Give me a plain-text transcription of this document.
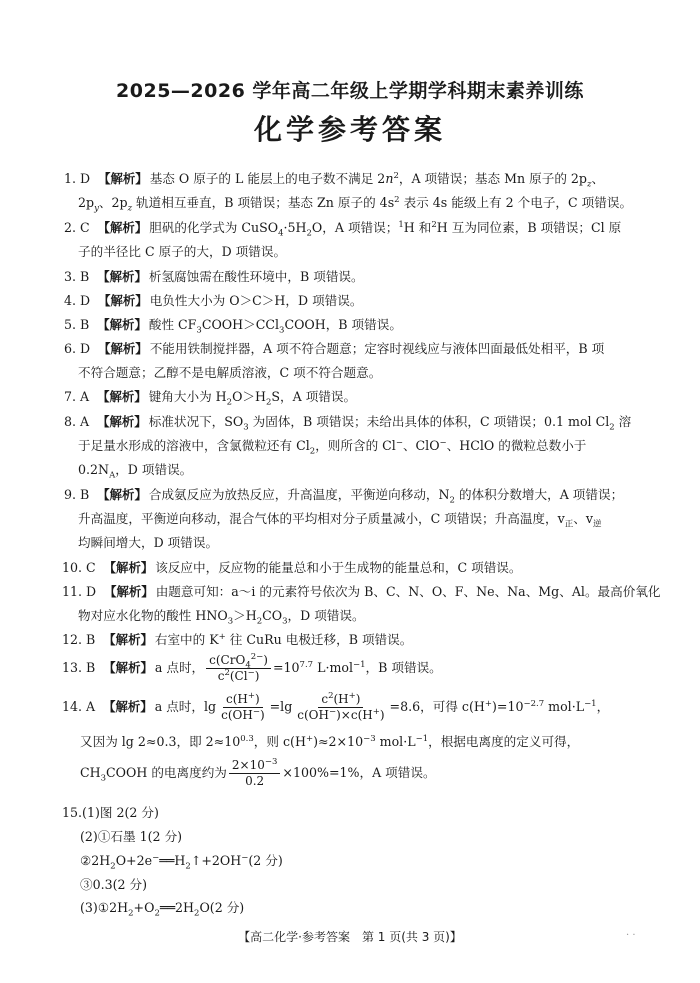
2025—2026 学年高二年级上学期学科期末素养训练
化学参考答案
1. D 【解析】 基态 O 原子的 L 能层上的电子数不满足 $2n^2$，A 项错误；基态 Mn 原子的 $2p_z$、
$2p_y$、$2p_z$ 轨道相互垂直，B 项错误；基态 Zn 原子的 $4s^2$ 表示 4s 能级上有 2 个电子，C 项错误。
2. C 【解析】 胆矾的化学式为 $CuSO_4\cdot 5H_2O$，A 项错误；$^1$H 和$^2$H 互为同位素，B 项错误；Cl 原
子的半径比 C 原子的大，D 项错误。
3. B 【解析】 析氢腐蚀需在酸性环境中，B 项错误。
4. D 【解析】 电负性大小为 O＞C＞H，D 项错误。
5. B 【解析】 酸性 $CF_3COOH>CCl_3COOH$，B 项错误。
6. D 【解析】 不能用铁制搅拌器，A 项不符合题意；定容时视线应与液体凹面最低处相平，B 项
不符合题意；乙醇不是电解质溶液，C 项不符合题意。
7. A 【解析】 键角大小为 $H_2O>H_2S$，A 项错误。
8. A 【解析】 标准状况下，$SO_3$ 为固体，B 项错误；未给出具体的体积，C 项错误；0.1 mol $Cl_2$ 溶
于足量水形成的溶液中，含氯微粒还有 $Cl_2$，则所含的 Cl−、ClO−、HClO 的微粒总数小于
$0.2N_A$，D 项错误。
9. B 【解析】 合成氨反应为放热反应，升高温度，平衡逆向移动，$N_2$ 的体积分数增大，A 项错误；
升高温度，平衡逆向移动，混合气体的平均相对分子质量减小，C 项错误；升高温度，$v_正$、$v_逆$
均瞬间增大，D 项错误。
10. C 【解析】 该反应中，反应物的能量总和小于生成物的能量总和，C 项错误。
11. D 【解析】 由题意可知：a～i 的元素符号依次为 B、C、N、O、F、Ne、Na、Mg、Al。最高价氧化
物对应水化物的酸性 $HNO_3>H_2CO_3$，D 项错误。
12. B 【解析】 右室中的 K+ 往 CuRu 电极迁移，B 项错误。
13. B 【解析】 a 点时， $\frac{c(CrO_4^{2-})}{c^2(Cl^-)} =10^{7.7}$ L·mol$^{-1}$，B 项错误。
14. A 【解析】 a 点时，$\lg \frac{c(H^+)}{c(OH^-)} =\lg \frac{c^2(H^+)}{c(OH^-)\times c(H^+)} =8.6$，可得 $c(H^+)=10^{-2.7}$ $mol\cdot L^{-1}$，
又因为 lg 2≈0.3，即 $2\approx 10^{0.3}$，则 $c(H^+)\approx 2\times 10^{-3}$ $mol\cdot L^{-1}$，根据电离度的定义可得，
$CH_3COOH$ 的电离度约为 $\frac{2\times 10^{-3}}{0.2} \times 100\%=1\%$，A 项错误。
15.(1)图 2(2 分)
(2)①石墨 1(2 分)
$②2H_2O+2e^-══H_2↑+2OH^-(2$ 分)
③0.3(2 分)
$(3)①2H_2+O_2══2H_2O(2$ 分)
【高二化学·参考答案　第 1 页(共 3 页)】	· ·
